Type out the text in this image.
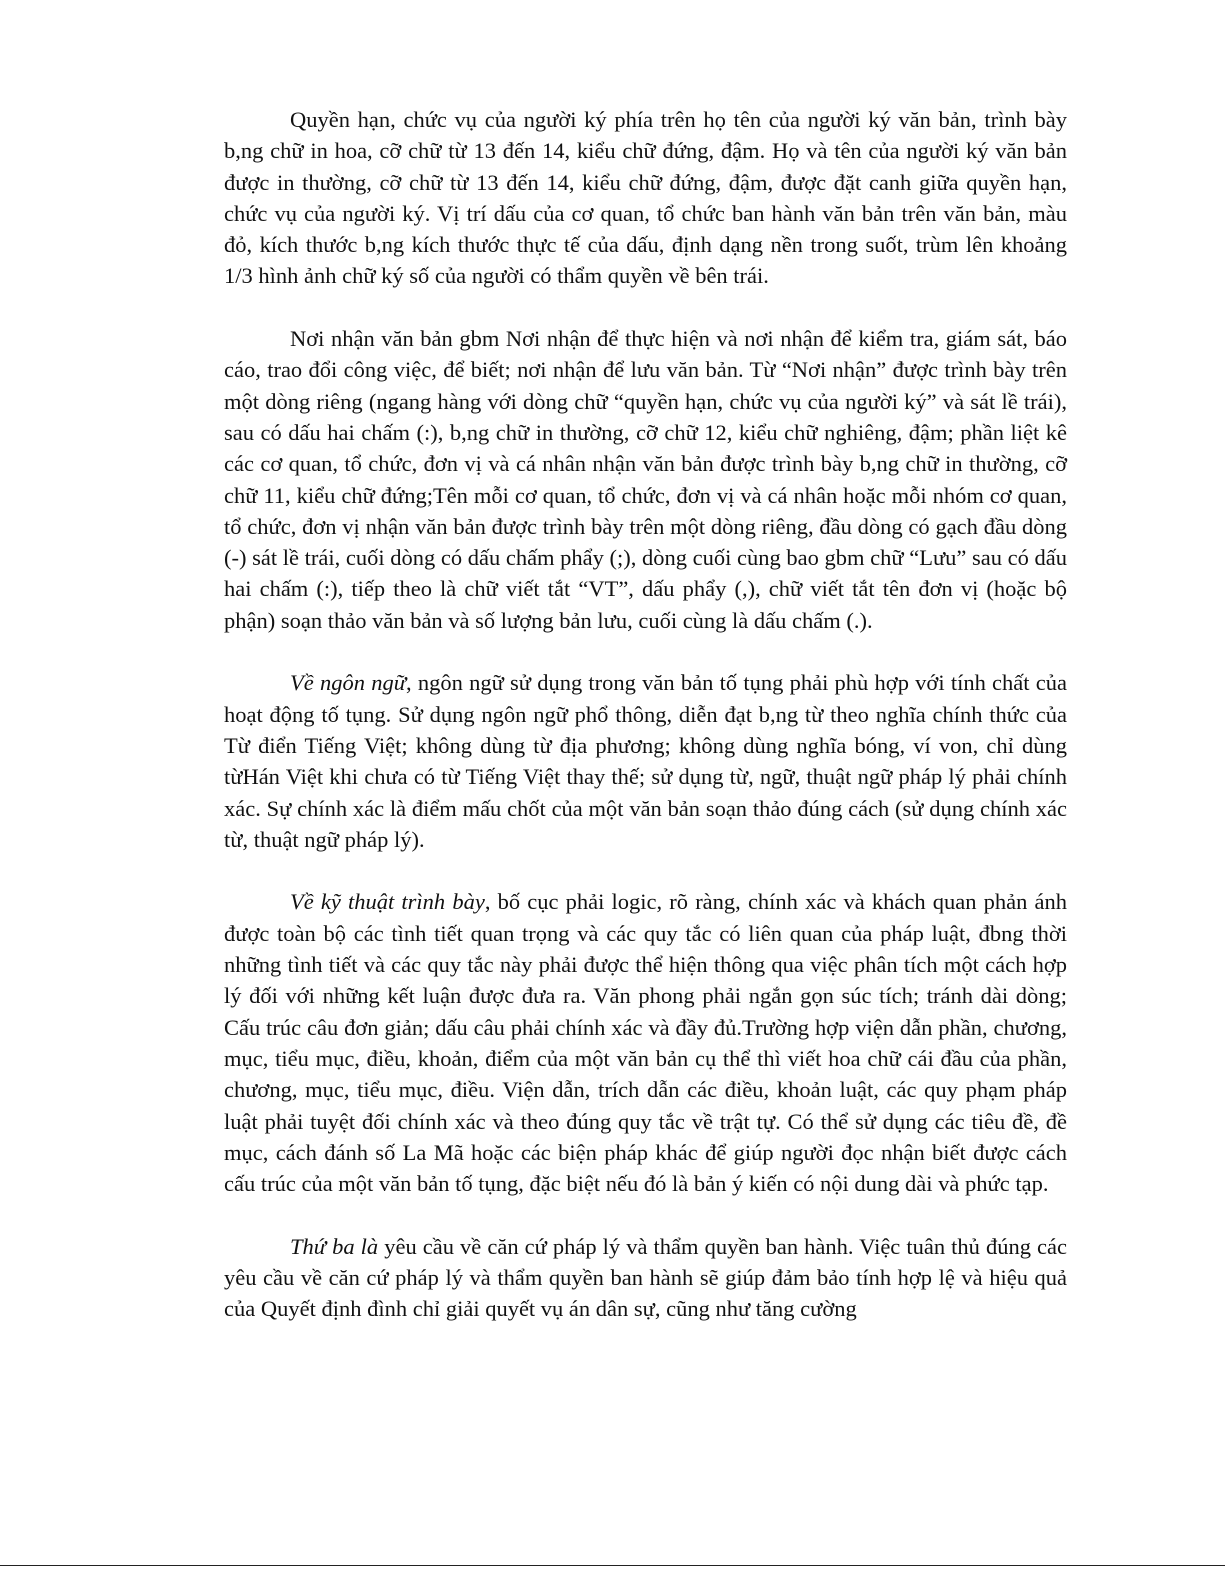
Quyền hạn, chức vụ của người ký phía trên họ tên của người ký văn bản, trình bày b,ng chữ in hoa, cỡ chữ từ 13 đến 14, kiểu chữ đứng, đậm. Họ và tên của người ký văn bản được in thường, cỡ chữ từ 13 đến 14, kiểu chữ đứng, đậm, được đặt canh giữa quyền hạn, chức vụ của người ký. Vị trí dấu của cơ quan, tổ chức ban hành văn bản trên văn bản, màu đỏ, kích thước b,ng kích thước thực tế của dấu, định dạng nền trong suốt, trùm lên khoảng 1/3 hình ảnh chữ ký số của người có thẩm quyền về bên trái.

Nơi nhận văn bản gbm Nơi nhận để thực hiện và nơi nhận để kiểm tra, giám sát, báo cáo, trao đổi công việc, để biết; nơi nhận để lưu văn bản. Từ “Nơi nhận” được trình bày trên một dòng riêng (ngang hàng với dòng chữ “quyền hạn, chức vụ của người ký” và sát lề trái), sau có dấu hai chấm (:), b,ng chữ in thường, cỡ chữ 12, kiểu chữ nghiêng, đậm; phần liệt kê các cơ quan, tổ chức, đơn vị và cá nhân nhận văn bản được trình bày b,ng chữ in thường, cỡ chữ 11, kiểu chữ đứng;Tên mỗi cơ quan, tổ chức, đơn vị và cá nhân hoặc mỗi nhóm cơ quan, tổ chức, đơn vị nhận văn bản được trình bày trên một dòng riêng, đầu dòng có gạch đầu dòng (-) sát lề trái, cuối dòng có dấu chấm phẩy (;), dòng cuối cùng bao gbm chữ “Lưu” sau có dấu hai chấm (:), tiếp theo là chữ viết tắt “VT”, dấu phẩy (,), chữ viết tắt tên đơn vị (hoặc bộ phận) soạn thảo văn bản và số lượng bản lưu, cuối cùng là dấu chấm (.).

Về ngôn ngữ, ngôn ngữ sử dụng trong văn bản tố tụng phải phù hợp với tính chất của hoạt động tố tụng. Sử dụng ngôn ngữ phổ thông, diễn đạt b,ng từ theo nghĩa chính thức của Từ điển Tiếng Việt; không dùng từ địa phương; không dùng nghĩa bóng, ví von, chỉ dùng từHán Việt khi chưa có từ Tiếng Việt thay thế; sử dụng từ, ngữ, thuật ngữ pháp lý phải chính xác. Sự chính xác là điểm mấu chốt của một văn bản soạn thảo đúng cách (sử dụng chính xác từ, thuật ngữ pháp lý).

Về kỹ thuật trình bày, bố cục phải logic, rõ ràng, chính xác và khách quan phản ánh được toàn bộ các tình tiết quan trọng và các quy tắc có liên quan của pháp luật, đbng thời những tình tiết và các quy tắc này phải được thể hiện thông qua việc phân tích một cách hợp lý đối với những kết luận được đưa ra. Văn phong phải ngắn gọn súc tích; tránh dài dòng; Cấu trúc câu đơn giản; dấu câu phải chính xác và đầy đủ.Trường hợp viện dẫn phần, chương, mục, tiểu mục, điều, khoản, điểm của một văn bản cụ thể thì viết hoa chữ cái đầu của phần, chương, mục, tiểu mục, điều. Viện dẫn, trích dẫn các điều, khoản luật, các quy phạm pháp luật phải tuyệt đối chính xác và theo đúng quy tắc về trật tự. Có thể sử dụng các tiêu đề, đề mục, cách đánh số La Mã hoặc các biện pháp khác để giúp người đọc nhận biết được cách cấu trúc của một văn bản tố tụng, đặc biệt nếu đó là bản ý kiến có nội dung dài và phức tạp.

Thứ ba là yêu cầu về căn cứ pháp lý và thẩm quyền ban hành. Việc tuân thủ đúng các yêu cầu về căn cứ pháp lý và thẩm quyền ban hành sẽ giúp đảm bảo tính hợp lệ và hiệu quả của Quyết định đình chỉ giải quyết vụ án dân sự, cũng như tăng cường
